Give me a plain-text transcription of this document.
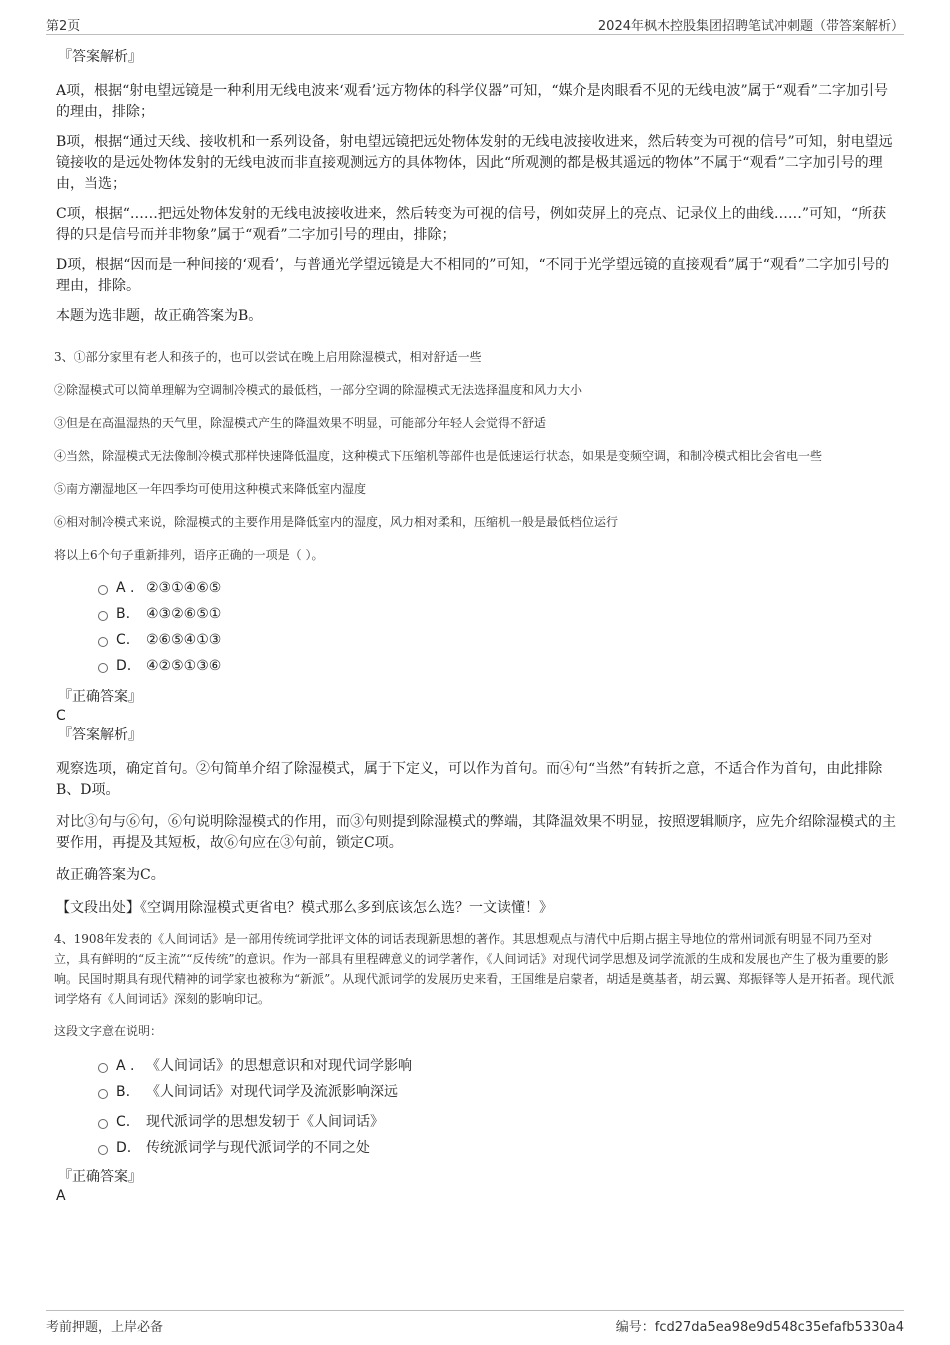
第2页	2024年枫木控股集团招聘笔试冲刺题（带答案解析）
『答案解析』
A项，根据“射电望远镜是一种利用无线电波来‘观看’远方物体的科学仪器”可知，“媒介是肉眼看不见的无线电波”属于“观看”二字加引号的理由，排除；
B项，根据“通过天线、接收机和一系列设备，射电望远镜把远处物体发射的无线电波接收进来，然后转变为可视的信号”可知，射电望远镜接收的是远处物体发射的无线电波而非直接观测远方的具体物体，因此“所观测的都是极其遥远的物体”不属于“观看”二字加引号的理由，当选；
C项，根据“……把远处物体发射的无线电波接收进来，然后转变为可视的信号，例如荧屏上的亮点、记录仪上的曲线……”可知，“所获得的只是信号而并非物象”属于“观看”二字加引号的理由，排除；
D项，根据“因而是一种间接的‘观看’，与普通光学望远镜是大不相同的”可知，“不同于光学望远镜的直接观看”属于“观看”二字加引号的理由，排除。
本题为选非题，故正确答案为B。
3、①部分家里有老人和孩子的，也可以尝试在晚上启用除湿模式，相对舒适一些
②除湿模式可以简单理解为空调制冷模式的最低档，一部分空调的除湿模式无法选择温度和风力大小
③但是在高温湿热的天气里，除湿模式产生的降温效果不明显，可能部分年轻人会觉得不舒适
④当然，除湿模式无法像制冷模式那样快速降低温度，这种模式下压缩机等部件也是低速运行状态，如果是变频空调，和制冷模式相比会省电一些
⑤南方潮湿地区一年四季均可使用这种模式来降低室内湿度
⑥相对制冷模式来说，除湿模式的主要作用是降低室内的湿度，风力相对柔和，压缩机一般是最低档位运行
将以上6个句子重新排列，语序正确的一项是（ ）。
A . ②③①④⑥⑤
B. ④③②⑥⑤①
C. ②⑥⑤④①③
D. ④②⑤①③⑥
『正确答案』
C
『答案解析』
观察选项，确定首句。②句简单介绍了除湿模式，属于下定义，可以作为首句。而④句“当然”有转折之意，不适合作为首句，由此排除B、D项。
对比③句与⑥句，⑥句说明除湿模式的作用，而③句则提到除湿模式的弊端，其降温效果不明显，按照逻辑顺序，应先介绍除湿模式的主要作用，再提及其短板，故⑥句应在③句前，锁定C项。
故正确答案为C。
【文段出处】《空调用除湿模式更省电？模式那么多到底该怎么选？一文读懂！》
4、1908年发表的《人间词话》是一部用传统词学批评文体的词话表现新思想的著作。其思想观点与清代中后期占据主导地位的常州词派有明显不同乃至对立，具有鲜明的“反主流”“反传统”的意识。作为一部具有里程碑意义的词学著作，《人间词话》对现代词学思想及词学流派的生成和发展也产生了极为重要的影响。民国时期具有现代精神的词学家也被称为“新派”。从现代派词学的发展历史来看，王国维是启蒙者，胡适是奠基者，胡云翼、郑振铎等人是开拓者。现代派词学烙有《人间词话》深刻的影响印记。
这段文字意在说明：
A . 《人间词话》的思想意识和对现代词学影响
B. 《人间词话》对现代词学及流派影响深远
C. 现代派词学的思想发轫于《人间词话》
D. 传统派词学与现代派词学的不同之处
『正确答案』
A
考前押题，上岸必备	编号：fcd27da5ea98e9d548c35efafb5330a4
